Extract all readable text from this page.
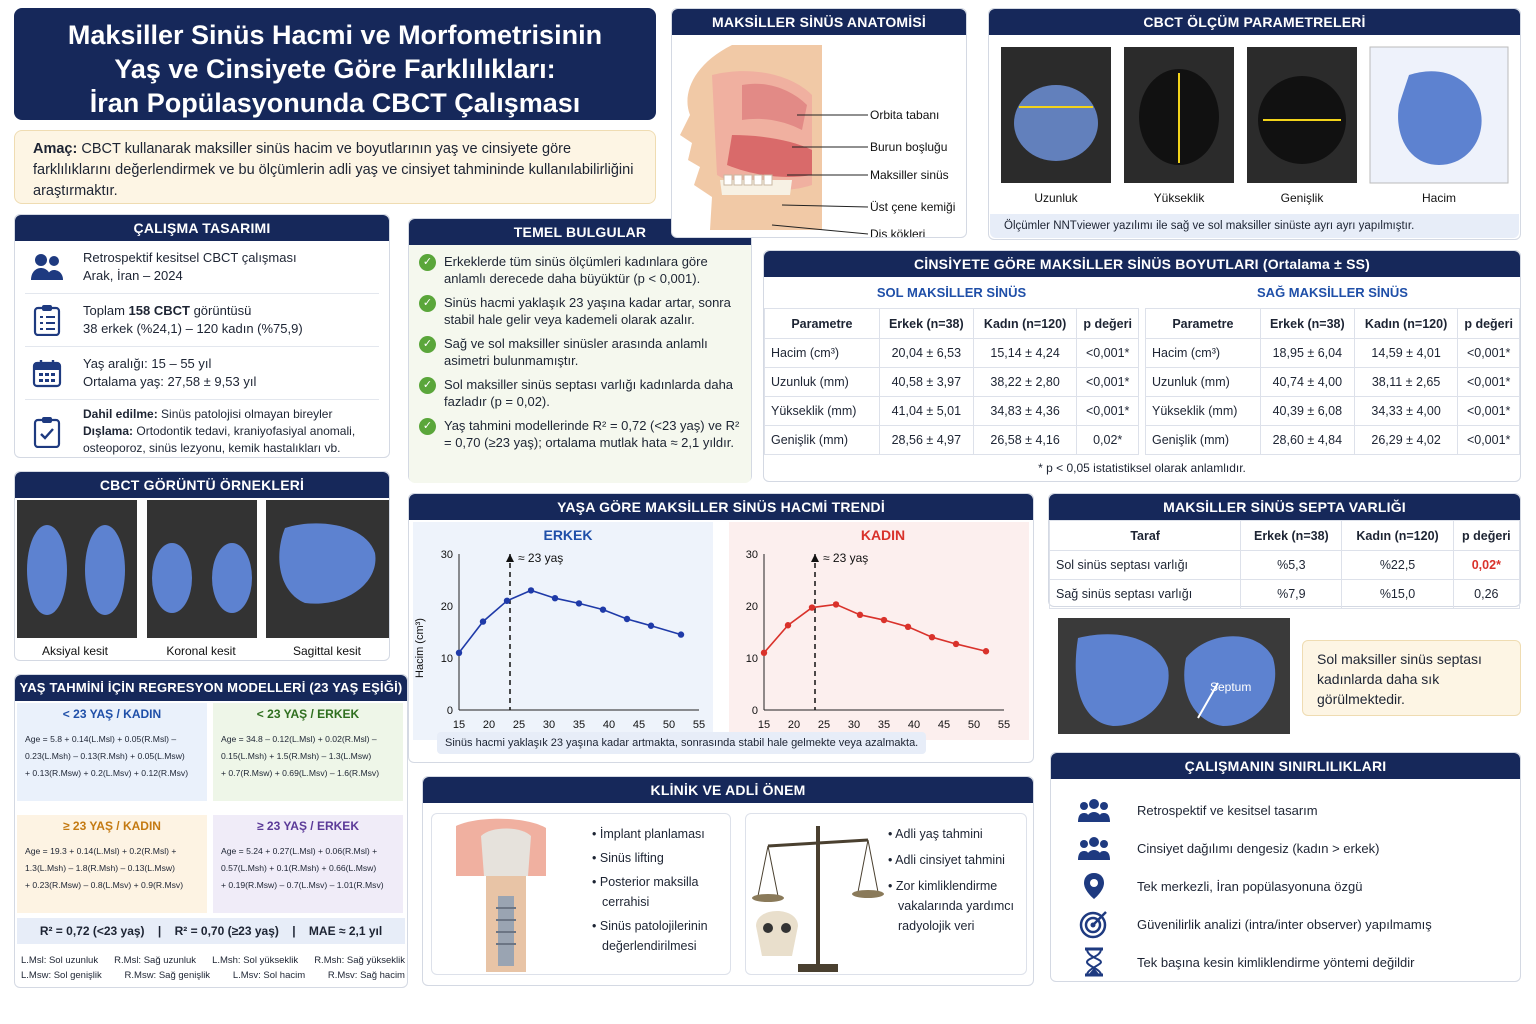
Maksiller Sinüs Hacmi ve Morfometrisinin
Yaş ve Cinsiyete Göre Farklılıkları:
İran Popülasyonunda CBCT Çalışması
Amaç: CBCT kullanarak maksiller sinüs hacim ve boyutlarının yaş ve cinsiyete göre farklılıklarını değerlendirmek ve bu ölçümlerin adli yaş ve cinsiyet tahmininde kullanılabilirliğini araştırmaktır.
ÇALIŞMA TASARIMI
Retrospektif kesitsel CBCT çalışması
Arak, İran – 2024
Toplam 158 CBCT görüntüsü
38 erkek (%24,1) – 120 kadın (%75,9)
Yaş aralığı: 15 – 55 yıl
Ortalama yaş: 27,58 ± 9,53 yıl
Dahil edilme: Sinüs patolojisi olmayan bireyler
Dışlama: Ortodontik tedavi, kraniyofasiyal anomali, osteoporoz, sinüs lezyonu, kemik hastalıkları vb.
TEMEL BULGULAR
✓ Erkeklerde tüm sinüs ölçümleri kadınlara göre anlamlı derecede daha büyüktür (p < 0,001).
✓ Sinüs hacmi yaklaşık 23 yaşına kadar artar, sonra stabil hale gelir veya kademeli olarak azalır.
✓ Sağ ve sol maksiller sinüsler arasında anlamlı asimetri bulunmamıştır.
✓ Sol maksiller sinüs septası varlığı kadınlarda daha fazladır (p = 0,02).
✓ Yaş tahmini modellerinde R² = 0,72 (<23 yaş) ve R² = 0,70 (≥23 yaş); ortalama mutlak hata ≈ 2,1 yıldır.
MAKSİLLER SİNÜS ANATOMİSİ
Orbita tabanı
Burun boşluğu
Maksiller sinüs
Üst çene kemiği
Diş kökleri
CBCT ÖLÇÜM PARAMETRELERİ
Uzunluk	Yükseklik	Genişlik	Hacim
Ölçümler NNTviewer yazılımı ile sağ ve sol maksiller sinüste ayrı ayrı yapılmıştır.
CİNSİYETE GÖRE MAKSİLLER SİNÜS BOYUTLARI (Ortalama ± SS)
SOL MAKSİLLER SİNÜS
Parametre	Erkek (n=38)	Kadın (n=120)	p değeri
Hacim (cm³)	20,04 ± 6,53	15,14 ± 4,24	<0,001*
Uzunluk (mm)	40,58 ± 3,97	38,22 ± 2,80	<0,001*
Yükseklik (mm)	41,04 ± 5,01	34,83 ± 4,36	<0,001*
Genişlik (mm)	28,56 ± 4,97	26,58 ± 4,16	0,02*
SAĞ MAKSİLLER SİNÜS
Parametre	Erkek (n=38)	Kadın (n=120)	p değeri
Hacim (cm³)	18,95 ± 6,04	14,59 ± 4,01	<0,001*
Uzunluk (mm)	40,74 ± 4,00	38,11 ± 2,65	<0,001*
Yükseklik (mm)	40,39 ± 6,08	34,33 ± 4,00	<0,001*
Genişlik (mm)	28,60 ± 4,84	26,29 ± 4,02	<0,001*
* p < 0,05 istatistiksel olarak anlamlıdır.
YAŞA GÖRE MAKSİLLER SİNÜS HACMİ TRENDİ
ERKEK	KADIN
Hacim (cm³)
0
10
20
30
15 20 25 30 35 40 45 50 55
≈ 23 yaş
0
10
20
30
15 20 25 30 35 40 45 50 55
≈ 23 yaş
Sinüs hacmi yaklaşık 23 yaşına kadar artmakta, sonrasında stabil hale gelmekte veya azalmakta.
MAKSİLLER SİNÜS SEPTA VARLIĞI
Taraf	Erkek (n=38)	Kadın (n=120)	p değeri
Sol sinüs septası varlığı	%5,3	%22,5	0,02*
Sağ sinüs septası varlığı	%7,9	%15,0	0,26
Septum
Sol maksiller sinüs septası kadınlarda daha sık görülmektedir.
CBCT GÖRÜNTÜ ÖRNEKLERİ
Aksiyal kesit	Koronal kesit	Sagittal kesit
YAŞ TAHMİNİ İÇİN REGRESYON MODELLERİ (23 YAŞ EŞİĞİ)
< 23 YAŞ / KADIN
Age = 5.8 + 0.14(L.Msl) + 0.05(R.Msl) –
0.23(L.Msh) – 0.13(R.Msh) + 0.05(L.Msw)
+ 0.13(R.Msw) + 0.2(L.Msv) + 0.12(R.Msv)
< 23 YAŞ / ERKEK
Age = 34.8 – 0.12(L.Msl) + 0.02(R.Msl) –
0.15(L.Msh) + 1.5(R.Msh) – 1.3(L.Msw)
+ 0.7(R.Msw) + 0.69(L.Msv) – 1.6(R.Msv)
≥ 23 YAŞ / KADIN
Age = 19.3 + 0.14(L.Msl) + 0.2(R.Msl) +
1.3(L.Msh) – 1.8(R.Msh) – 0.13(L.Msw)
+ 0.23(R.Msw) – 0.8(L.Msv) + 0.9(R.Msv)
≥ 23 YAŞ / ERKEK
Age = 5.24 + 0.27(L.Msl) + 0.06(R.Msl) +
0.57(L.Msh) + 0.1(R.Msh) + 0.66(L.Msw)
+ 0.19(R.Msw) – 0.7(L.Msv) – 1.01(R.Msv)
R² = 0,72 (<23 yaş)    |    R² = 0,70 (≥23 yaş)    |    MAE ≈ 2,1 yıl
L.Msl: Sol uzunluk R.Msl: Sağ uzunluk L.Msh: Sol yükseklik R.Msh: Sağ yükseklik
L.Msw: Sol genişlik R.Msw: Sağ genişlik L.Msv: Sol hacim R.Msv: Sağ hacim
KLİNİK VE ADLİ ÖNEM
• İmplant planlaması
• Sinüs lifting
• Posterior maksilla cerrahisi
• Sinüs patolojilerinin değerlendirilmesi
• Adli yaş tahmini
• Adli cinsiyet tahmini
• Zor kimliklendirme vakalarında yardımcı radyolojik veri
ÇALIŞMANIN SINIRLILIKLARI
Retrospektif ve kesitsel tasarım
Cinsiyet dağılımı dengesiz (kadın > erkek)
Tek merkezli, İran popülasyonuna özgü
Güvenilirlik analizi (intra/inter observer) yapılmamış
Tek başına kesin kimliklendirme yöntemi değildir
